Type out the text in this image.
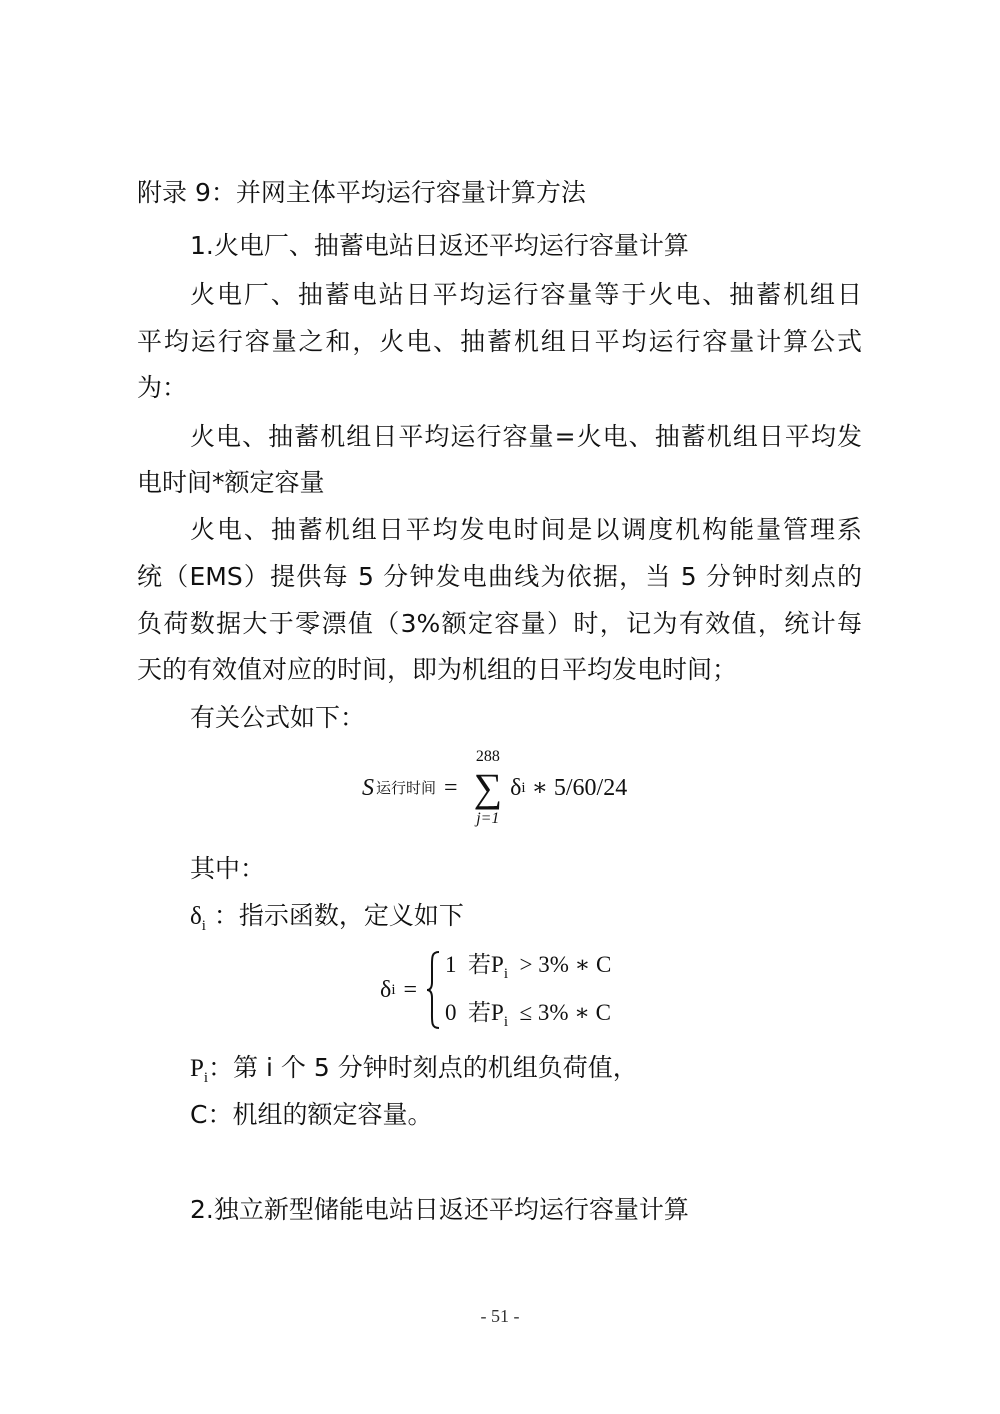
附录 9：并网主体平均运行容量计算方法
1.火电厂、抽蓄电站日返还平均运行容量计算
火电厂、抽蓄电站日平均运行容量等于火电、抽蓄机组日
平均运行容量之和，火电、抽蓄机组日平均运行容量计算公式
为：
火电、抽蓄机组日平均运行容量=火电、抽蓄机组日平均发
电时间*额定容量
火电、抽蓄机组日平均发电时间是以调度机构能量管理系
统（EMS）提供每 5 分钟发电曲线为依据，当 5 分钟时刻点的
负荷数据大于零漂值（3%额定容量）时，记为有效值，统计每
天的有效值对应的时间，即为机组的日平均发电时间；
有关公式如下：
S 运行时间 =
288
∑
j=1
δ i ∗ 5/60/24
其中：
$\delta_i$ ：指示函数，定义如下
δ i =
1 若$P_i > 3\%$ ∗ C
0 若$P_i \le 3\%$ ∗ C
$P_i$：第 i 个 5 分钟时刻点的机组负荷值，
C：机组的额定容量。
2.独立新型储能电站日返还平均运行容量计算
- 51 -
